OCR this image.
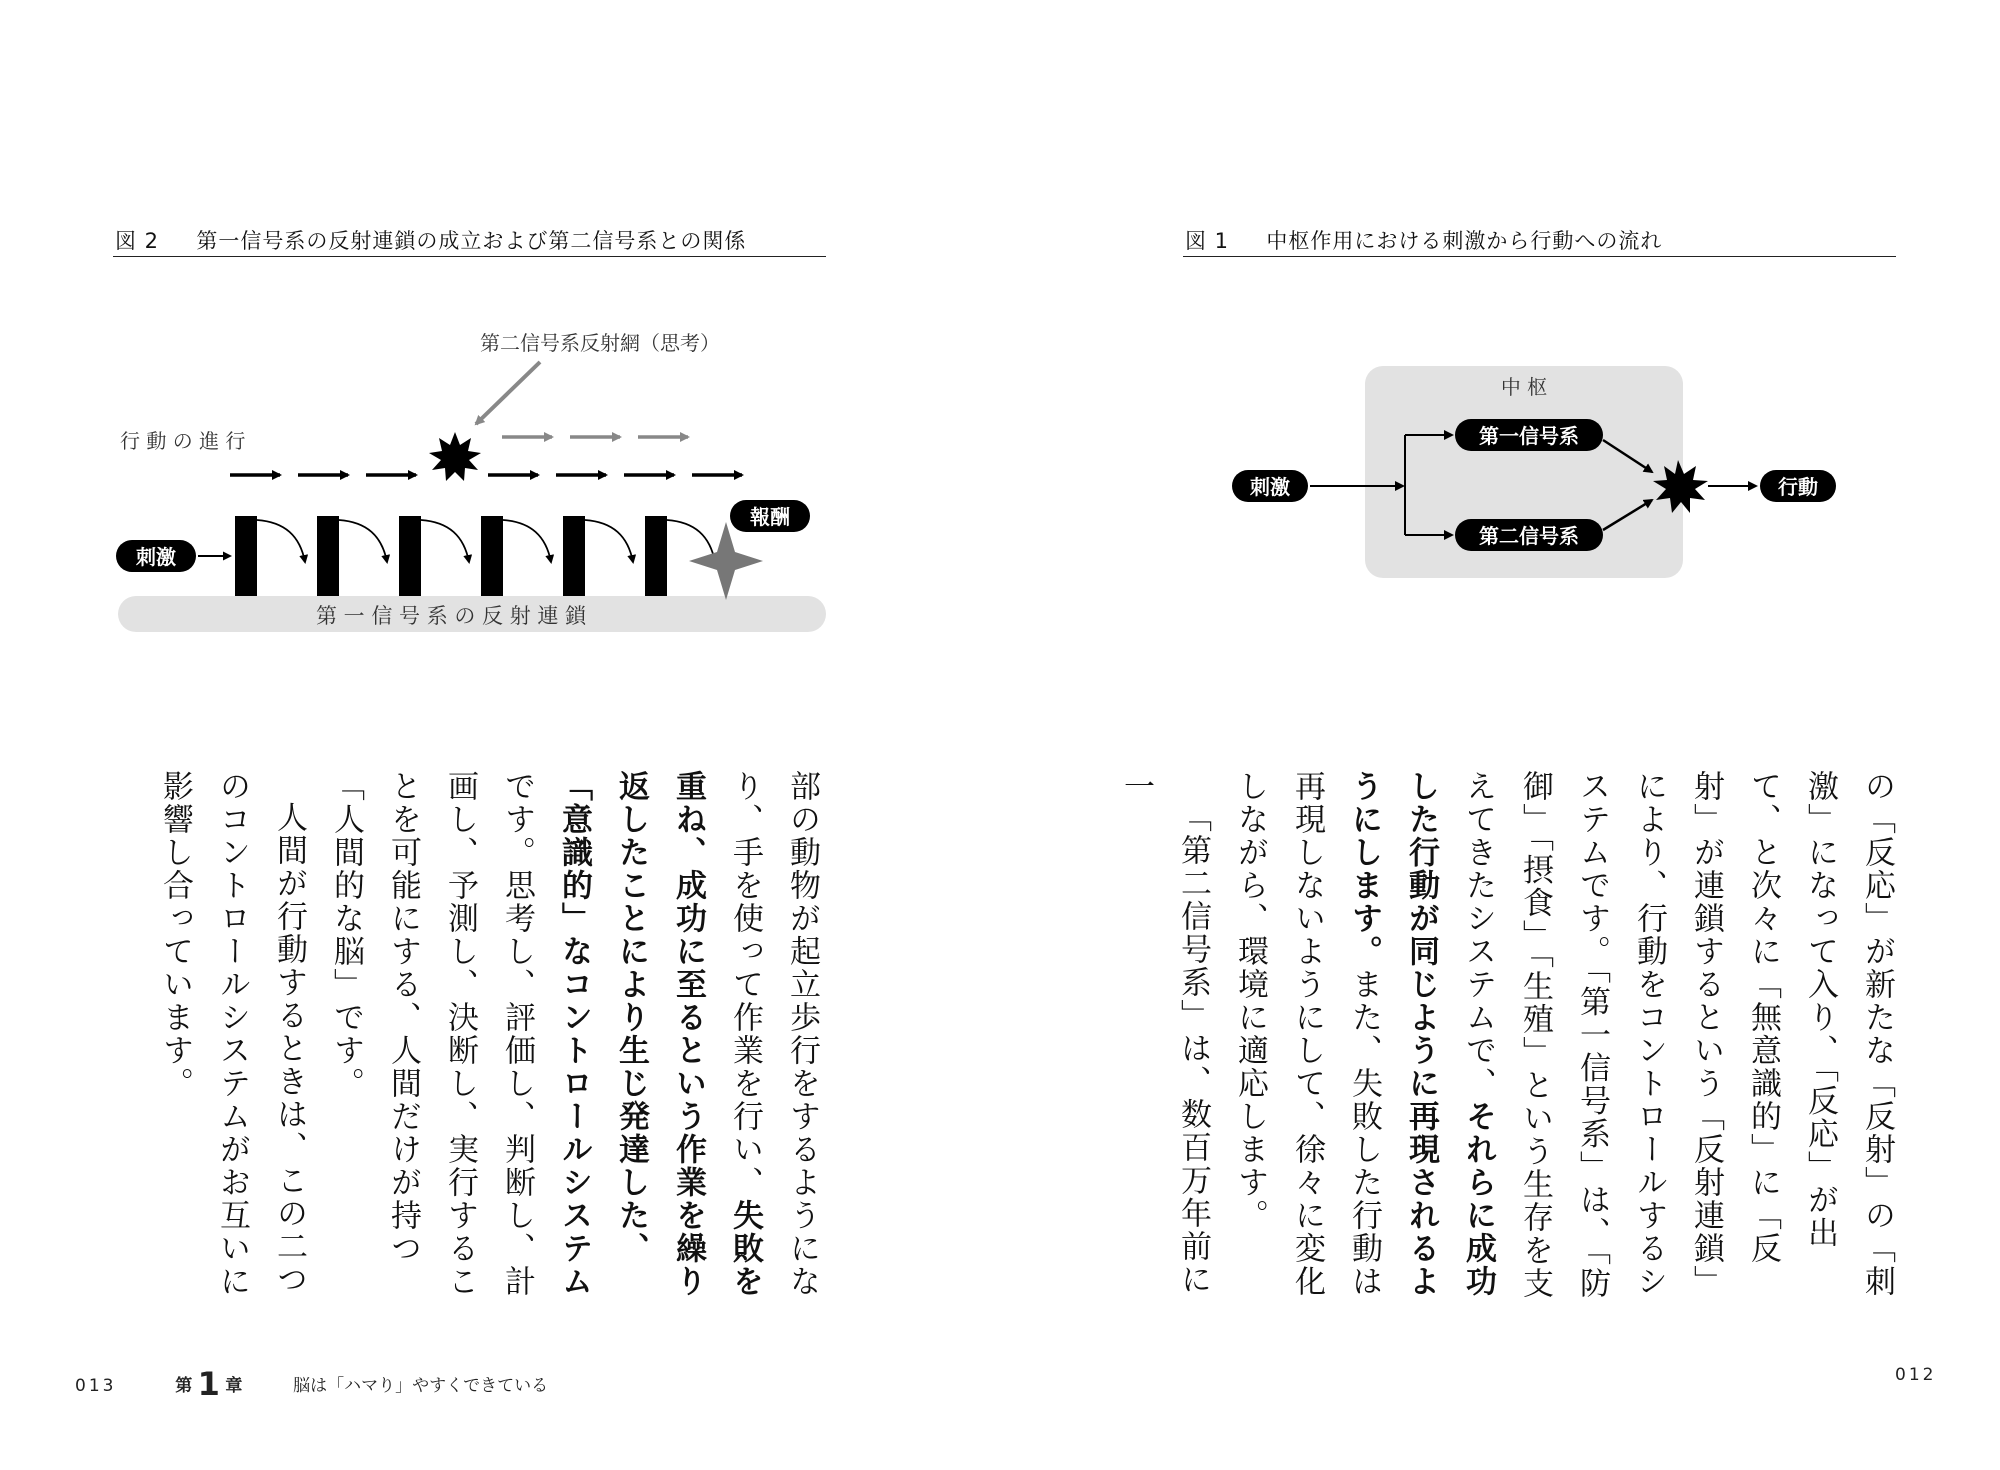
図 2 第一信号系の反射連鎖の成立および第二信号系との関係
第二信号系反射網（思考）
行 動 の 進 行
第 一 信 号 系 の 反 射 連 鎖
刺激
報酬

部の動物が起立歩行をするようになり、手を使って作業を行い、失敗を重ね、成功に至るという作業を繰り返したことにより生じ発達した、「意識的」なコントロールシステムです。思考し、評価し、判断し、計画し、予測し、決断し、実行することを可能にする、人間だけが持つ「人間的な脳」です。

人間が行動するときは、この二つのコントロールシステムがお互いに影響し合っています。

013	第 1 章	脳は「ハマり」やすくできている
図 1 中枢作用における刺激から行動への流れ
中 枢
刺激
第一信号系
第二信号系
行動

の「反応」が新たな「反射」の「刺激」になって入り、「反応」が出て、と次々に「無意識的」に「反射」が連鎖するという「反射連鎖」により、行動をコントロールするシステムです。「第一信号系」は、「防御」「摂食」「生殖」という生存を支えてきたシステムで、それらに成功した行動が同じように再現されるようにします。また、失敗した行動は再現しないようにして、徐々に変化しながら、環境に適応します。

「第二信号系」は、数百万年前に一

012
